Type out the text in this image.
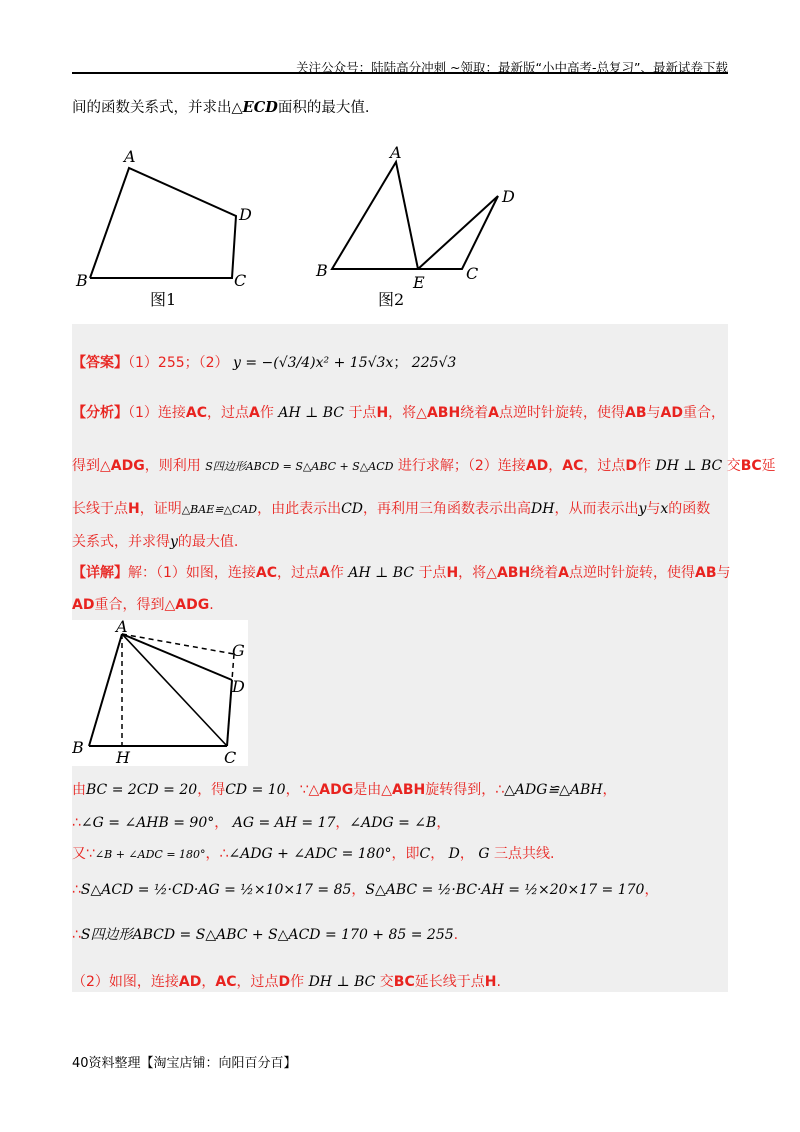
关注公众号：陆陆高分冲刺 ~领取：最新版“小中高考-总复习”、最新试卷下载
间的函数关系式，并求出△ECD面积的最大值.
A
B	C
D
图1
A
B
E	C
D
图2
【答案】（1）255；（2） y = −(√3/4)x² + 15√3x； 225√3
【分析】（1）连接AC，过点A作 AH ⊥ BC 于点H，将△ABH绕着A点逆时针旋转，使得AB与AD重合，
得到△ADG，则利用 S四边形ABCD = S△ABC + S△ACD 进行求解；（2）连接AD，AC，过点D作 DH ⊥ BC 交BC延
长线于点H，证明△BAE≌△CAD，由此表示出CD，再利用三角函数表示出高DH，从而表示出y与x的函数
关系式，并求得y的最大值.
【详解】解：（1）如图，连接AC，过点A作 AH ⊥ BC 于点H，将△ABH绕着A点逆时针旋转，使得AB与
AD重合，得到△ADG.
A
G
D
B
H	C
由BC = 2CD = 20，得CD = 10，∵△ADG是由△ABH旋转得到，∴△ADG≌△ABH，
∴∠G = ∠AHB = 90°， AG = AH = 17，∠ADG = ∠B，
又∵∠B + ∠ADC = 180°，∴∠ADG + ∠ADC = 180°，即C， D， G 三点共线.
∴S△ACD = ½·CD·AG = ½×10×17 = 85，S△ABC = ½·BC·AH = ½×20×17 = 170，
∴S四边形ABCD = S△ABC + S△ACD = 170 + 85 = 255.
（2）如图，连接AD，AC，过点D作 DH ⊥ BC 交BC延长线于点H.
40资料整理【淘宝店铺：向阳百分百】
